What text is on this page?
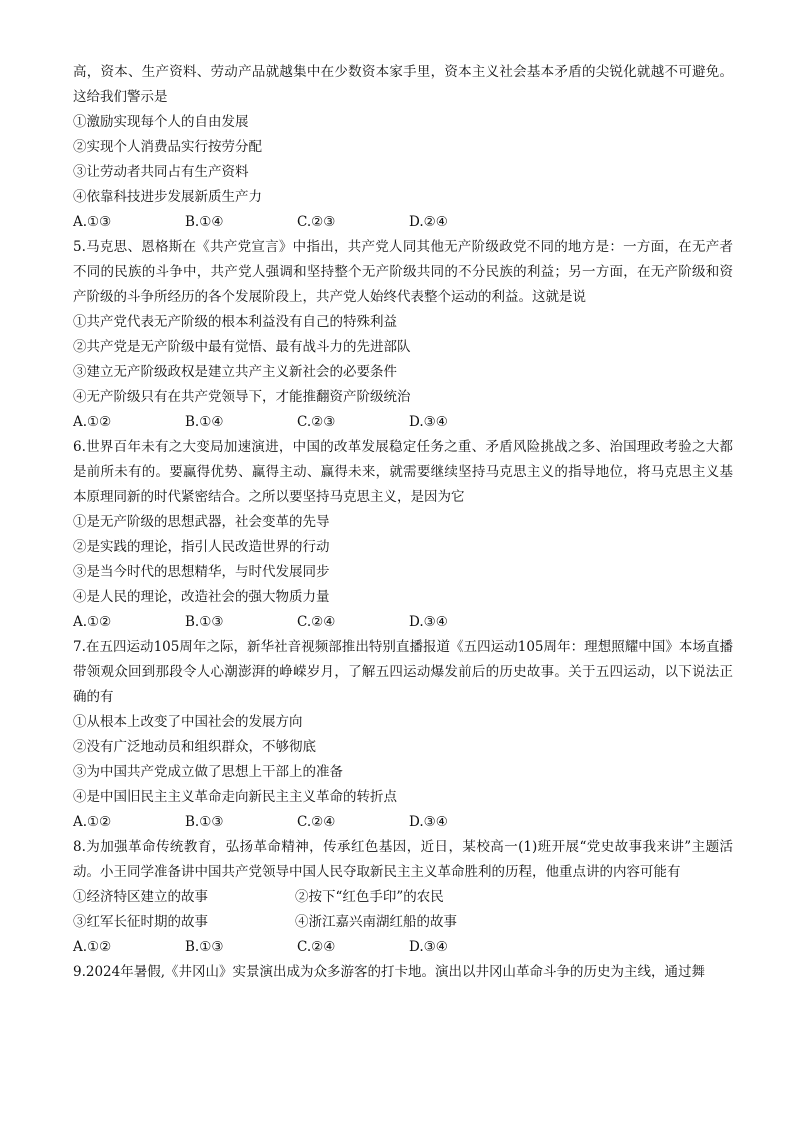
高，资本、生产资料、劳动产品就越集中在少数资本家手里，资本主义社会基本矛盾的尖锐化就越不可避免。这给我们警示是

①激励实现每个人的自由发展

②实现个人消费品实行按劳分配

③让劳动者共同占有生产资料

④依靠科技进步发展新质生产力

A.①③	B.①④	C.②③	D.②④

5.马克思、恩格斯在《共产党宣言》中指出，共产党人同其他无产阶级政党不同的地方是：一方面，在无产者不同的民族的斗争中，共产党人强调和坚持整个无产阶级共同的不分民族的利益；另一方面，在无产阶级和资产阶级的斗争所经历的各个发展阶段上，共产党人始终代表整个运动的利益。这就是说

①共产党代表无产阶级的根本利益没有自己的特殊利益

②共产党是无产阶级中最有觉悟、最有战斗力的先进部队

③建立无产阶级政权是建立共产主义新社会的必要条件

④无产阶级只有在共产党领导下，才能推翻资产阶级统治

A.①②	B.①④	C.②③	D.③④

6.世界百年未有之大变局加速演进，中国的改革发展稳定任务之重、矛盾风险挑战之多、治国理政考验之大都是前所未有的。要赢得优势、赢得主动、赢得未来，就需要继续坚持马克思主义的指导地位，将马克思主义基本原理同新的时代紧密结合。之所以要坚持马克思主义，是因为它

①是无产阶级的思想武器，社会变革的先导

②是实践的理论，指引人民改造世界的行动

③是当今时代的思想精华，与时代发展同步

④是人民的理论，改造社会的强大物质力量

A.①②	B.①③	C.②④	D.③④

7.在五四运动105周年之际，新华社音视频部推出特别直播报道《五四运动105周年：理想照耀中国》本场直播带领观众回到那段令人心潮澎湃的峥嵘岁月，了解五四运动爆发前后的历史故事。关于五四运动，以下说法正确的有

①从根本上改变了中国社会的发展方向

②没有广泛地动员和组织群众，不够彻底

③为中国共产党成立做了思想上干部上的准备

④是中国旧民主主义革命走向新民主主义革命的转折点

A.①②	B.①③	C.②④	D.③④

8.为加强革命传统教育，弘扬革命精神，传承红色基因，近日，某校高一(1)班开展“党史故事我来讲”主题活动。小王同学准备讲中国共产党领导中国人民夺取新民主主义革命胜利的历程，他重点讲的内容可能有

①经济特区建立的故事	②按下“红色手印”的农民
③红军长征时期的故事	④浙江嘉兴南湖红船的故事
A.①②	B.①③	C.②④	D.③④

9.2024年暑假,《井冈山》实景演出成为众多游客的打卡地。演出以井冈山革命斗争的历史为主线，通过舞
